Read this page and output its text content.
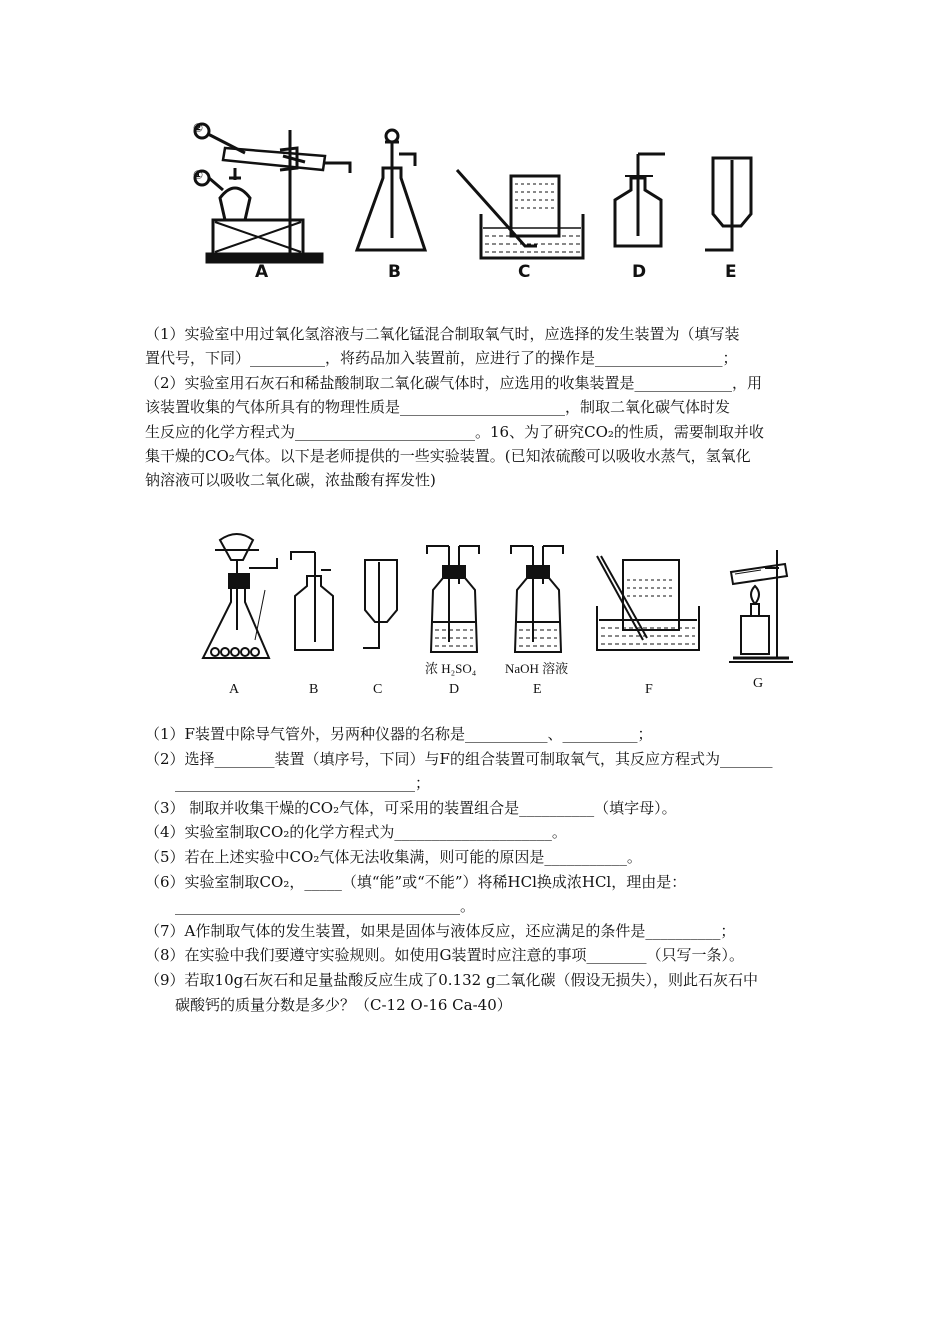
②
①
A	B	C	D	E

（1）实验室中用过氧化氢溶液与二氧化锰混合制取氧气时，应选择的发生装置为（填写装

置代号，下同）__________，将药品加入装置前，应进行了的操作是_________________；

（2）实验室用石灰石和稀盐酸制取二氧化碳气体时，应选用的收集装置是_____________，用

该装置收集的气体所具有的物理性质是______________________，制取二氧化碳气体时发

生反应的化学方程式为________________________。16、为了研究CO₂的性质，需要制取并收

集干燥的CO₂气体。以下是老师提供的一些实验装置。(已知浓硫酸可以吸收水蒸气，氢氧化

钠溶液可以吸收二氧化碳，浓盐酸有挥发性)

浓 H₂SO₄ NaOH 溶液
A	B	C	D	E	F	G

（1）F装置中除导气管外，另两种仪器的名称是___________、__________；

（2）选择________装置（填序号，下同）与F的组合装置可制取氧气，其反应方程式为_______

________________________________；

（3） 制取并收集干燥的CO₂气体，可采用的装置组合是__________（填字母）。

（4）实验室制取CO₂的化学方程式为_____________________。

（5）若在上述实验中CO₂气体无法收集满，则可能的原因是___________。

（6）实验室制取CO₂，_____（填“能”或“不能”）将稀HCl换成浓HCl，理由是：

______________________________________。

（7）A作制取气体的发生装置，如果是固体与液体反应，还应满足的条件是__________；

（8）在实验中我们要遵守实验规则。如使用G装置时应注意的事项________（只写一条）。

（9）若取10g石灰石和足量盐酸反应生成了0.132 g二氧化碳（假设无损失），则此石灰石中

碳酸钙的质量分数是多少？（C-12 O-16 Ca-40）
